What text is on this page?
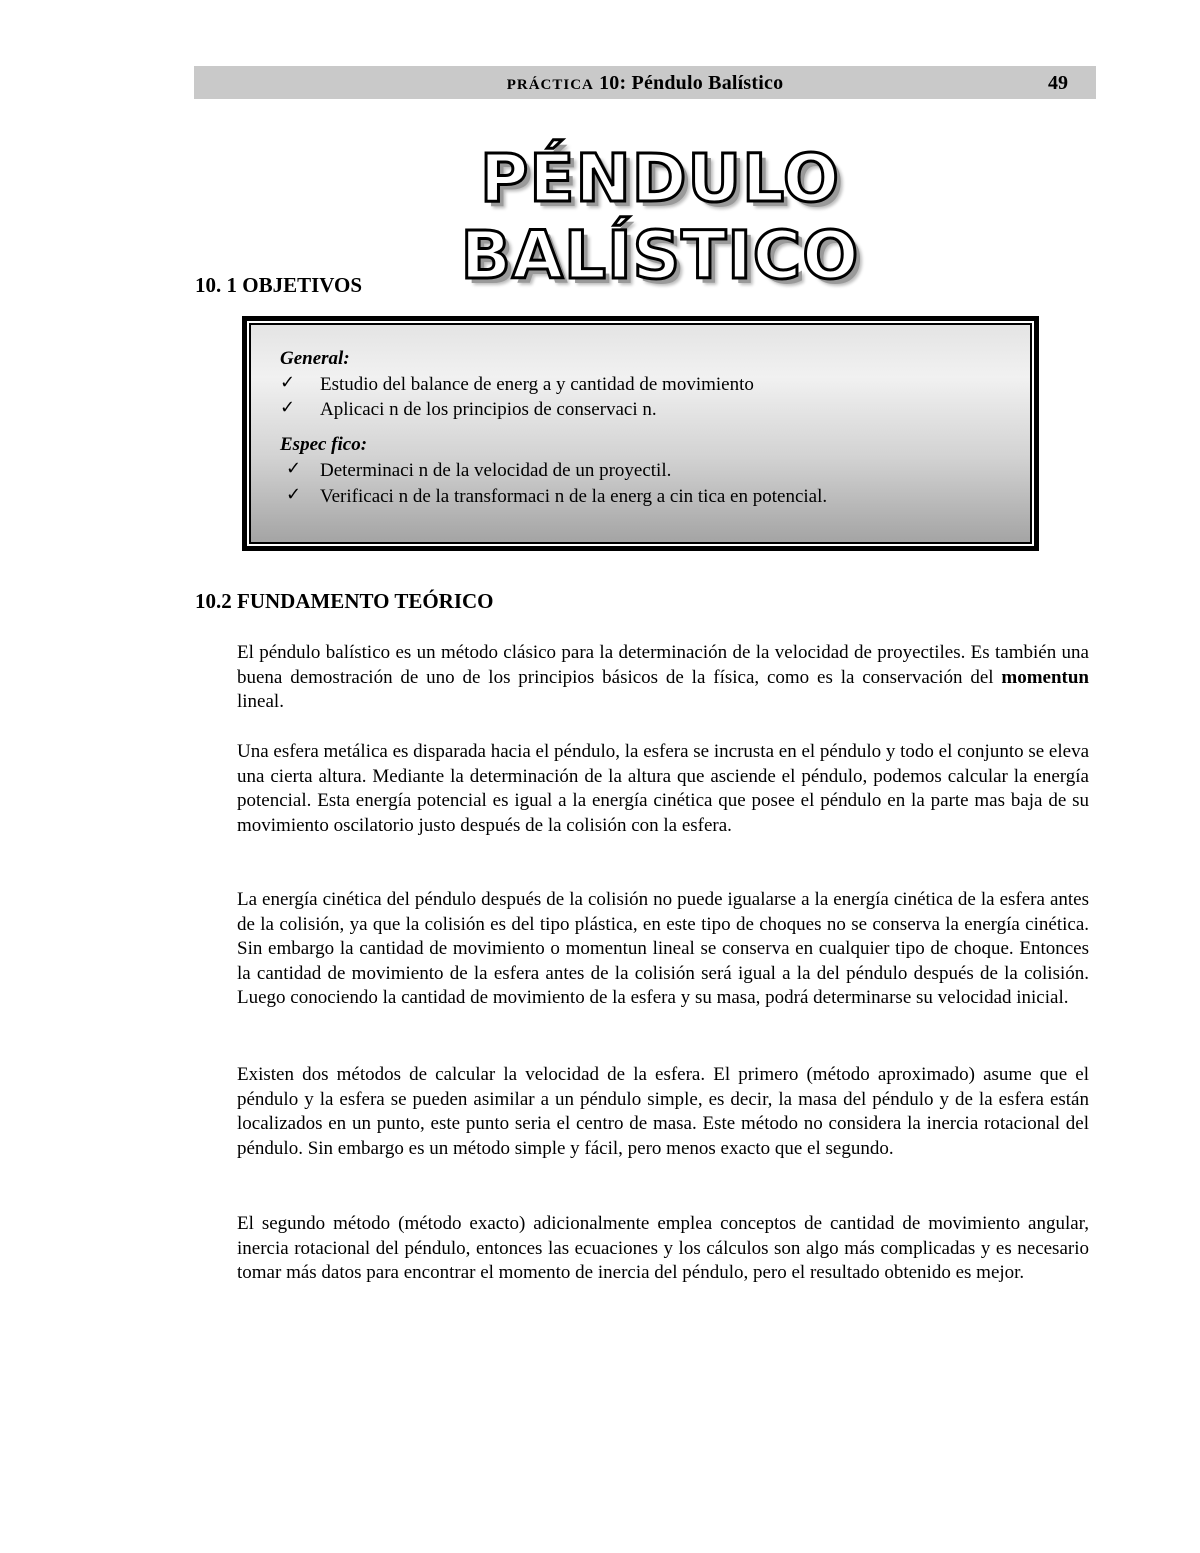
PRÁCTICA 10: Péndulo Balístico	49
PÉNDULO BALÍSTICO
10. 1 OBJETIVOS
General:
✓ Estudio del balance de energ a y cantidad de movimiento
✓ Aplicaci n de los principios de conservaci n.
Espec fico:
✓ Determinaci n de la velocidad de un proyectil.
✓ Verificaci n de la transformaci n de la energ a cin tica en potencial.
10.2 FUNDAMENTO TEÓRICO

El péndulo balístico es un método clásico para la determinación de la velocidad de proyectiles. Es también una buena demostración de uno de los principios básicos de la física, como es la conservación del momentun lineal.

Una esfera metálica es disparada hacia el péndulo, la esfera se incrusta en el péndulo y todo el conjunto se eleva una cierta altura. Mediante la determinación de la altura que asciende el péndulo, podemos calcular la energía potencial. Esta energía potencial es igual a la energía cinética que posee el péndulo en la parte mas baja de su movimiento oscilatorio justo después de la colisión con la esfera.

La energía cinética del péndulo después de la colisión no puede igualarse a la energía cinética de la esfera antes de la colisión, ya que la colisión es del tipo plástica, en este tipo de choques no se conserva la energía cinética. Sin embargo la cantidad de movimiento o momentun lineal se conserva en cualquier tipo de choque. Entonces la cantidad de movimiento de la esfera antes de la colisión será igual a la del péndulo después de la colisión. Luego conociendo la cantidad de movimiento de la esfera y su masa, podrá determinarse su velocidad inicial.

Existen dos métodos de calcular la velocidad de la esfera. El primero (método aproximado) asume que el péndulo y la esfera se pueden asimilar a un péndulo simple, es decir, la masa del péndulo y de la esfera están localizados en un punto, este punto seria el centro de masa. Este método no considera la inercia rotacional del péndulo. Sin embargo es un método simple y fácil, pero menos exacto que el segundo.

El segundo método (método exacto) adicionalmente emplea conceptos de cantidad de movimiento angular, inercia rotacional del péndulo, entonces las ecuaciones y los cálculos son algo más complicadas y es necesario tomar más datos para encontrar el momento de inercia del péndulo, pero el resultado obtenido es mejor.
